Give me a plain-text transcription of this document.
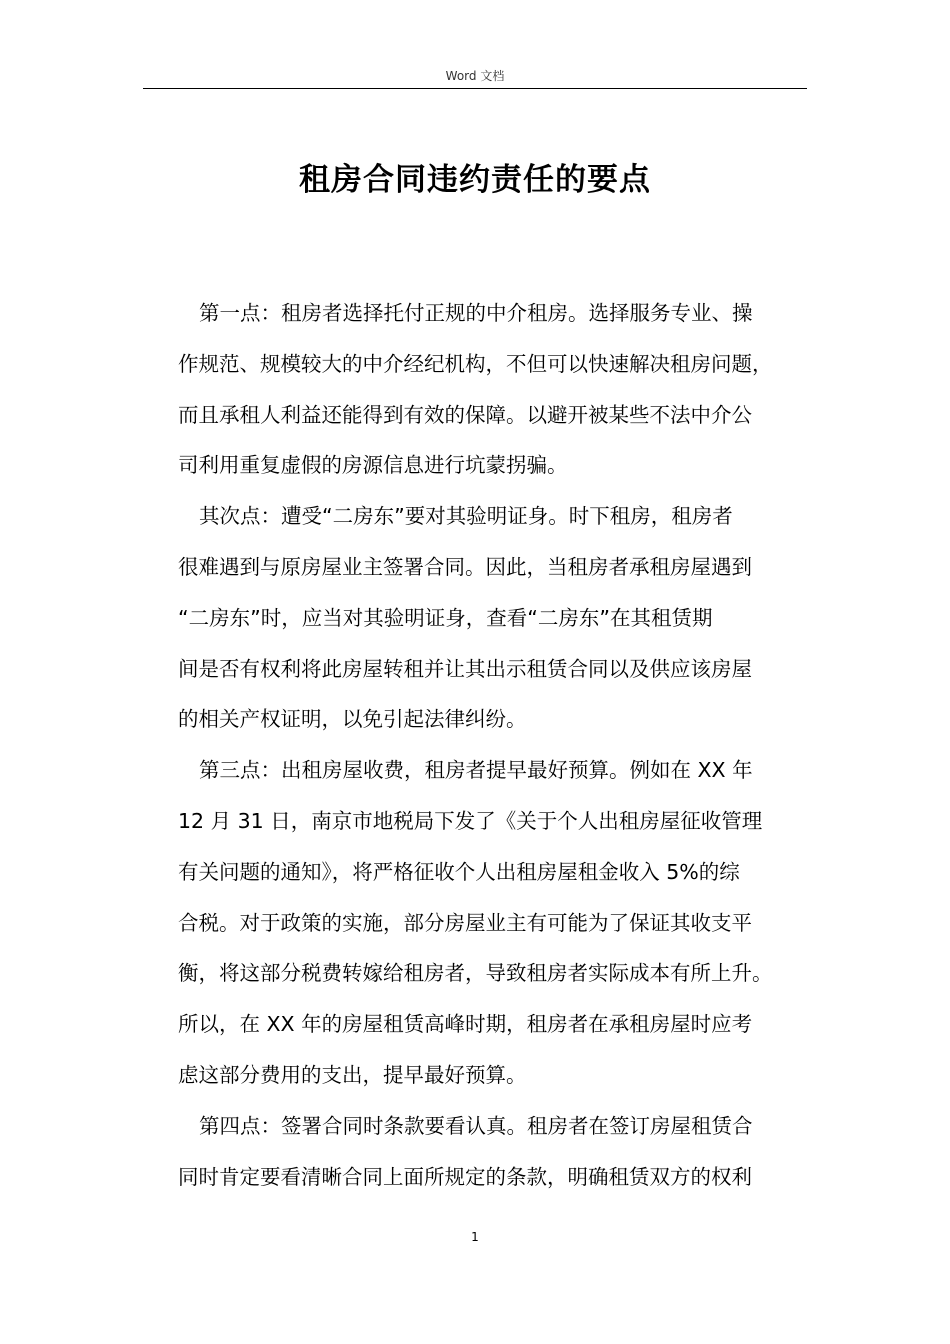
Word 文档
租房合同违约责任的要点
第一点：租房者选择托付正规的中介租房。选择服务专业、操
作规范、规模较大的中介经纪机构，不但可以快速解决租房问题，
而且承租人利益还能得到有效的保障。以避开被某些不法中介公
司利用重复虚假的房源信息进行坑蒙拐骗。
其次点：遭受“二房东”要对其验明证身。时下租房，租房者
很难遇到与原房屋业主签署合同。因此，当租房者承租房屋遇到
“二房东”时，应当对其验明证身，查看“二房东”在其租赁期
间是否有权利将此房屋转租并让其出示租赁合同以及供应该房屋
的相关产权证明，以免引起法律纠纷。
第三点：出租房屋收费，租房者提早最好预算。例如在 XX 年
12 月 31 日，南京市地税局下发了《关于个人出租房屋征收管理
有关问题的通知》，将严格征收个人出租房屋租金收入 5%的综
合税。对于政策的实施，部分房屋业主有可能为了保证其收支平
衡，将这部分税费转嫁给租房者，导致租房者实际成本有所上升。
所以，在 XX 年的房屋租赁高峰时期，租房者在承租房屋时应考
虑这部分费用的支出，提早最好预算。
第四点：签署合同时条款要看认真。租房者在签订房屋租赁合
同时肯定要看清晰合同上面所规定的条款，明确租赁双方的权利
1
